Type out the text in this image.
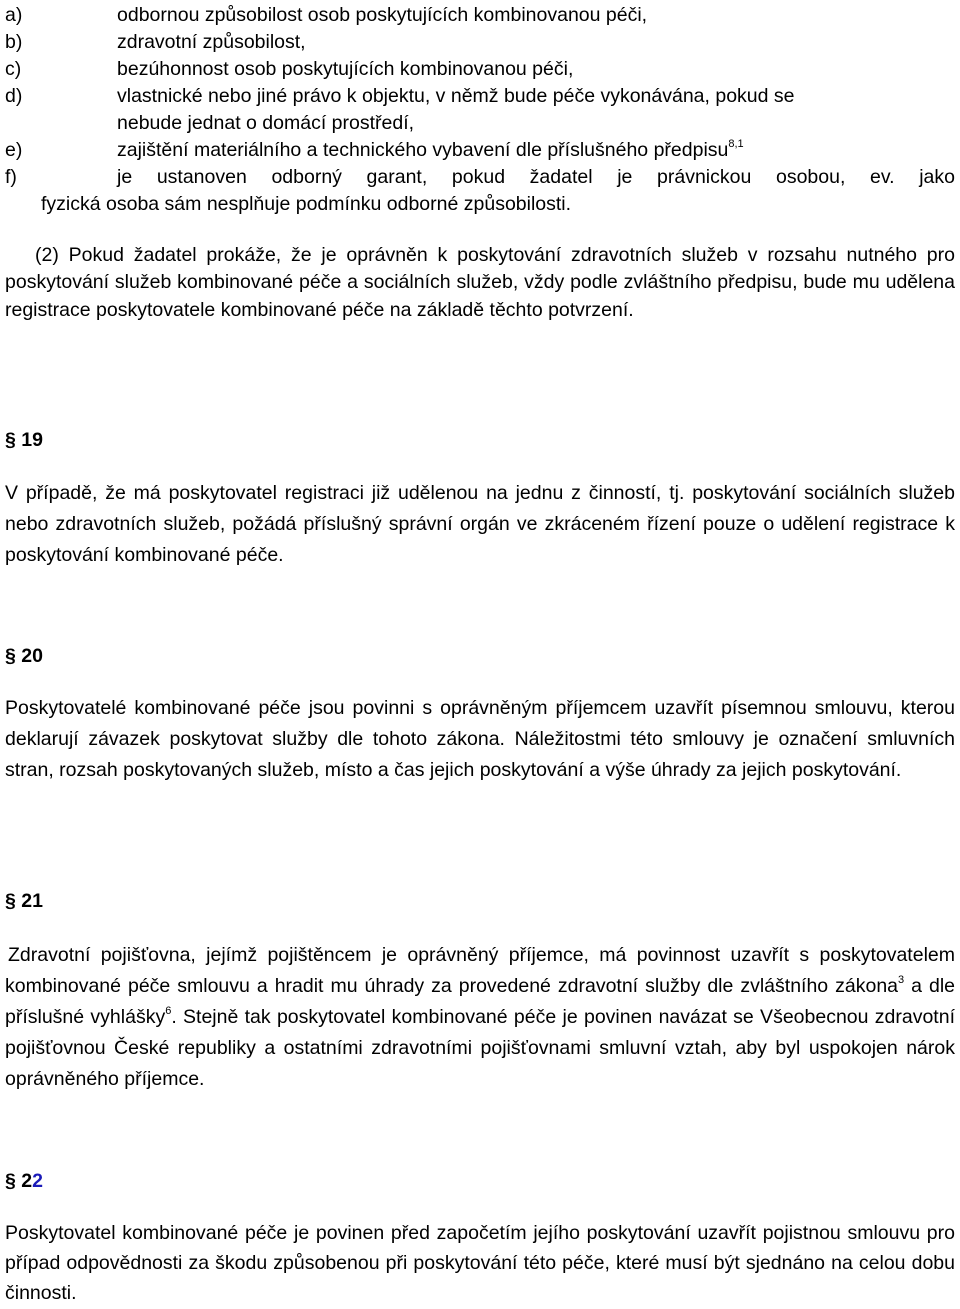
a)	odbornou způsobilost osob poskytujících kombinovanou péči,
b)	zdravotní způsobilost,
c)	bezúhonnost osob poskytujících kombinovanou péči,
d)	vlastnické nebo jiné právo k objektu, v němž bude péče vykonávána, pokud se
nebude jednat o domácí prostředí,
e)	zajištění materiálního a technického vybavení dle příslušného předpisu$^{8,1}$
f)	je ustanoven odborný garant, pokud žadatel je právnickou osobou, ev. jako
fyzická osoba sám nesplňuje podmínku odborné způsobilosti.
(2) Pokud žadatel prokáže, že je oprávněn k poskytování zdravotních služeb v rozsahu nutného pro poskytování služeb kombinované péče a sociálních služeb, vždy podle zvláštního předpisu, bude mu udělena registrace poskytovatele kombinované péče na základě těchto potvrzení.
§ 19
V případě, že má poskytovatel registraci již udělenou na jednu z činností, tj. poskytování sociálních služeb nebo zdravotních služeb, požádá příslušný správní orgán ve zkráceném řízení pouze o udělení registrace k poskytování kombinované péče.
§ 20
Poskytovatelé kombinované péče jsou povinni s oprávněným příjemcem uzavřít písemnou smlouvu, kterou deklarují závazek poskytovat služby dle tohoto zákona. Náležitostmi této smlouvy je označení smluvních stran, rozsah poskytovaných služeb, místo a čas jejich poskytování a výše úhrady za jejich poskytování.
§ 21
Zdravotní pojišťovna, jejímž pojištěncem je oprávněný příjemce, má povinnost uzavřít s poskytovatelem kombinované péče smlouvu a hradit mu úhrady za provedené zdravotní služby dle zvláštního zákona$^3$ a dle příslušné vyhlášky$^6$. Stejně tak poskytovatel kombinované péče je povinen navázat se Všeobecnou zdravotní pojišťovnou České republiky a ostatními zdravotními pojišťovnami smluvní vztah, aby byl uspokojen nárok oprávněného příjemce.
§ 22
Poskytovatel kombinované péče je povinen před započetím jejího poskytování uzavřít pojistnou smlouvu pro případ odpovědnosti za škodu způsobenou při poskytování této péče, které musí být sjednáno na celou dobu činnosti.
